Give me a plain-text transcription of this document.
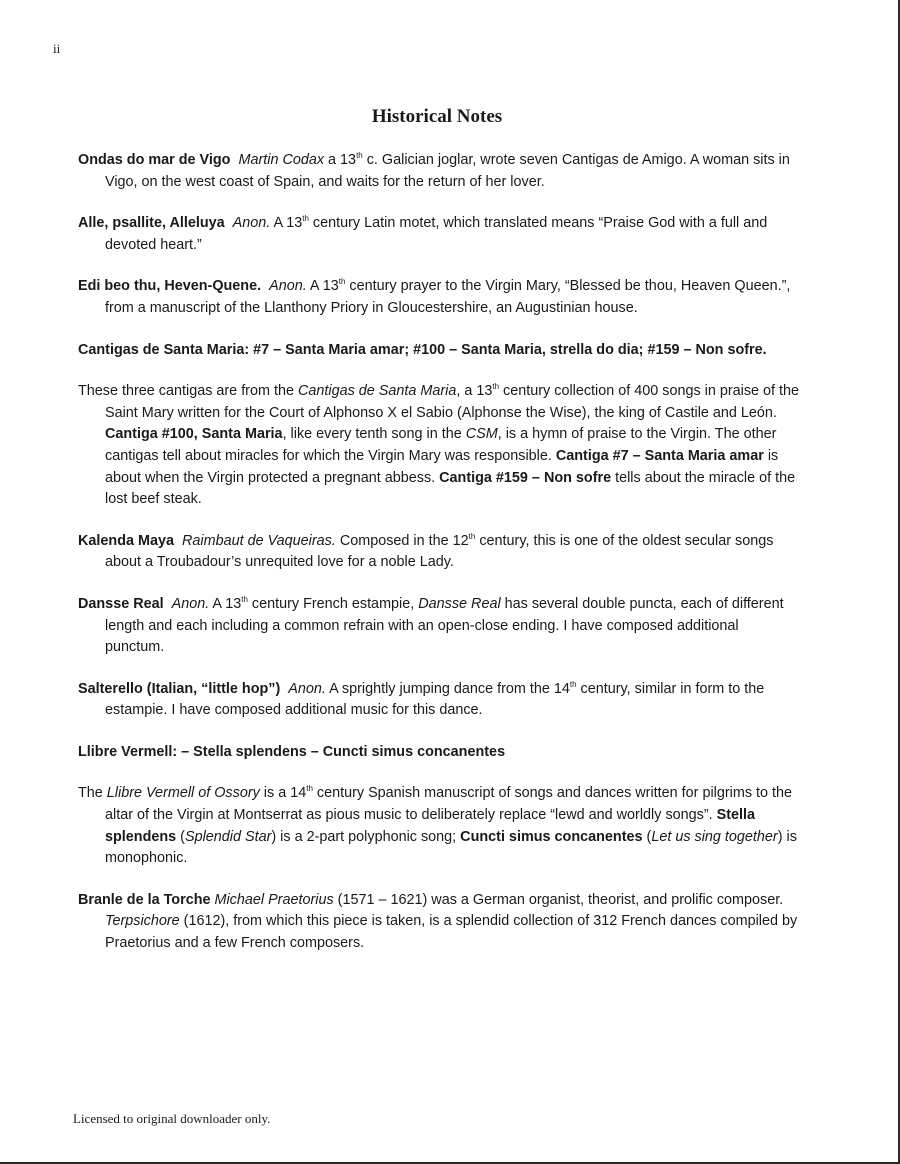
ii
Historical Notes

Ondas do mar de Vigo Martin Codax a 13th c. Galician joglar, wrote seven Cantigas de Amigo. A woman sits in Vigo, on the west coast of Spain, and waits for the return of her lover.

Alle, psallite, Alleluya Anon. A 13th century Latin motet, which translated means “Praise God with a full and devoted heart.”

Edi beo thu, Heven-Quene. Anon. A 13th century prayer to the Virgin Mary, “Blessed be thou, Heaven Queen.”, from a manuscript of the Llanthony Priory in Gloucestershire, an Augustinian house.

Cantigas de Santa Maria: #7 – Santa Maria amar; #100 – Santa Maria, strella do dia; #159 – Non sofre.

These three cantigas are from the Cantigas de Santa Maria, a 13th century collection of 400 songs in praise of the Saint Mary written for the Court of Alphonso X el Sabio (Alphonse the Wise), the king of Castile and León. Cantiga #100, Santa Maria, like every tenth song in the CSM, is a hymn of praise to the Virgin. The other cantigas tell about miracles for which the Virgin Mary was responsible. Cantiga #7 – Santa Maria amar is about when the Virgin protected a pregnant abbess. Cantiga #159 – Non sofre tells about the miracle of the lost beef steak.

Kalenda Maya Raimbaut de Vaqueiras. Composed in the 12th century, this is one of the oldest secular songs about a Troubadour’s unrequited love for a noble Lady.

Dansse Real Anon. A 13th century French estampie, Dansse Real has several double puncta, each of different length and each including a common refrain with an open-close ending. I have composed additional punctum.

Salterello (Italian, “little hop”) Anon. A sprightly jumping dance from the 14th century, similar in form to the estampie. I have composed additional music for this dance.

Llibre Vermell: – Stella splendens – Cuncti simus concanentes

The Llibre Vermell of Ossory is a 14th century Spanish manuscript of songs and dances written for pilgrims to the altar of the Virgin at Montserrat as pious music to deliberately replace “lewd and worldly songs”. Stella splendens (Splendid Star) is a 2-part polyphonic song; Cuncti simus concanentes (Let us sing together) is monophonic.

Branle de la Torche Michael Praetorius (1571 – 1621) was a German organist, theorist, and prolific composer. Terpsichore (1612), from which this piece is taken, is a splendid collection of 312 French dances compiled by Praetorius and a few French composers.

Licensed to original downloader only.
